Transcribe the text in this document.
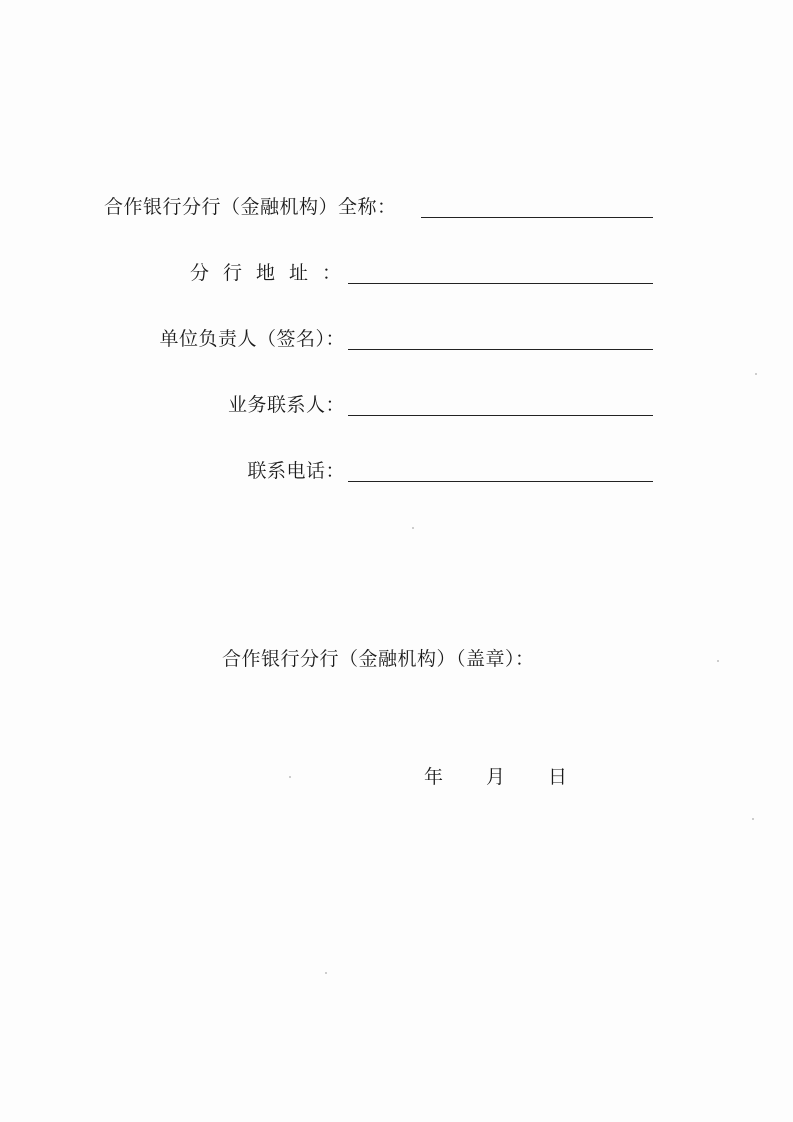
合作银行分行（金融机构）全称：
分行地址：
单位负责人（签名）：
业务联系人：
联系电话：
合作银行分行（金融机构）（盖章）：
年 月 日
